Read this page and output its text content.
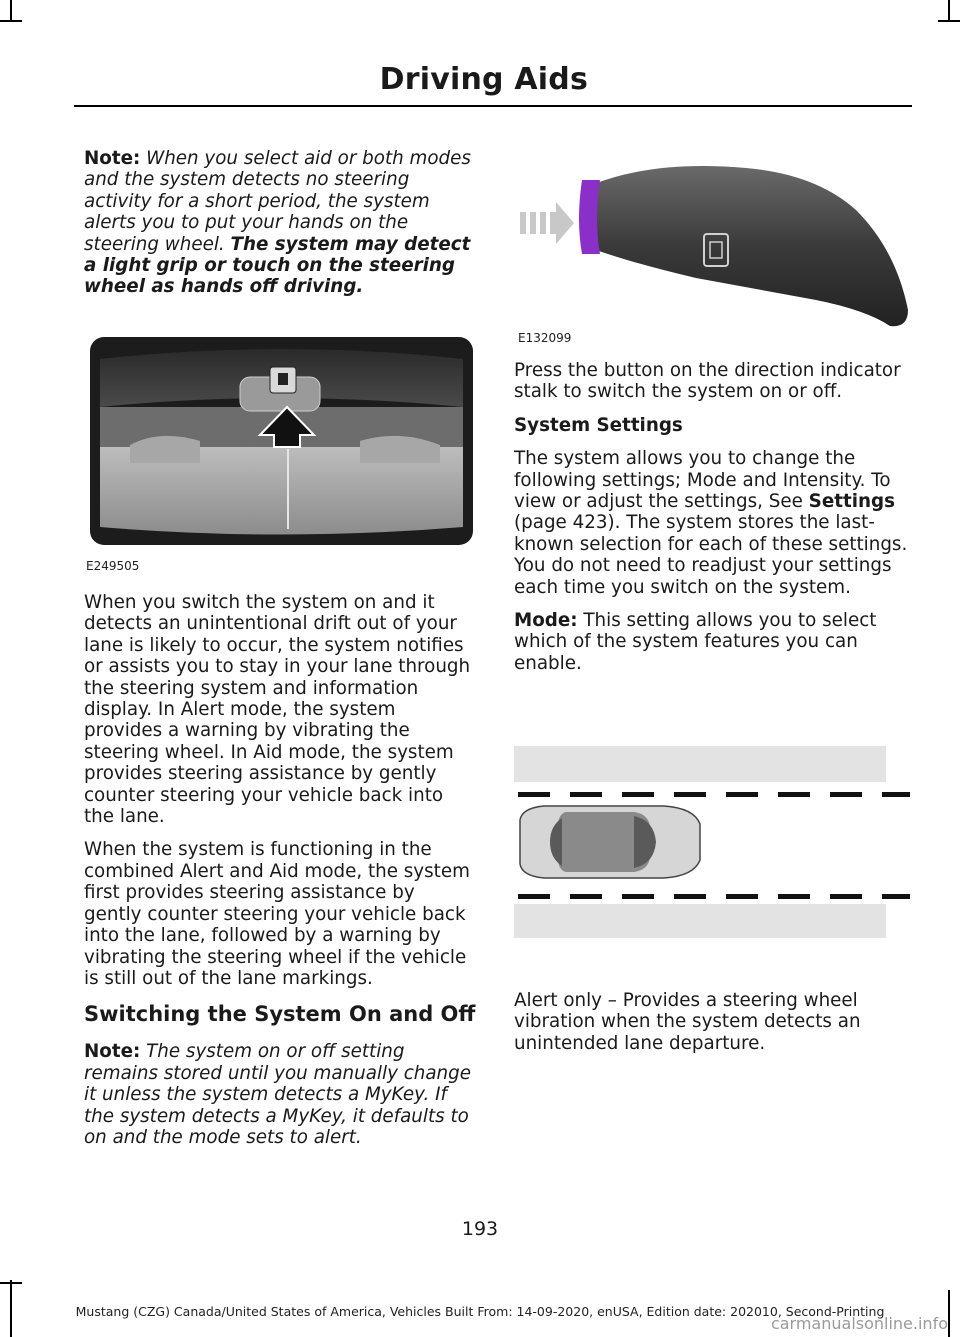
Driving Aids

Note: When you select aid or both modes and the system detects no steering activity for a short period, the system alerts you to put your hands on the steering wheel. The system may detect a light grip or touch on the steering wheel as hands off driving.

E249505

When you switch the system on and it detects an unintentional drift out of your lane is likely to occur, the system notifies or assists you to stay in your lane through the steering system and information display. In Alert mode, the system provides a warning by vibrating the steering wheel. In Aid mode, the system provides steering assistance by gently counter steering your vehicle back into the lane.

When the system is functioning in the combined Alert and Aid mode, the system first provides steering assistance by gently counter steering your vehicle back into the lane, followed by a warning by vibrating the steering wheel if the vehicle is still out of the lane markings.

Switching the System On and Off

Note: The system on or off setting remains stored until you manually change it unless the system detects a MyKey. If the system detects a MyKey, it defaults to on and the mode sets to alert.

E132099

Press the button on the direction indicator stalk to switch the system on or off.

System Settings

The system allows you to change the following settings; Mode and Intensity. To view or adjust the settings, See Settings (page 423). The system stores the last-known selection for each of these settings. You do not need to readjust your settings each time you switch on the system.

Mode: This setting allows you to select which of the system features you can enable.

Alert only – Provides a steering wheel vibration when the system detects an unintended lane departure.

193
Mustang (CZG) Canada/United States of America, Vehicles Built From: 14-09-2020, enUSA, Edition date: 202010, Second-Printing
carmanualsonline.info
